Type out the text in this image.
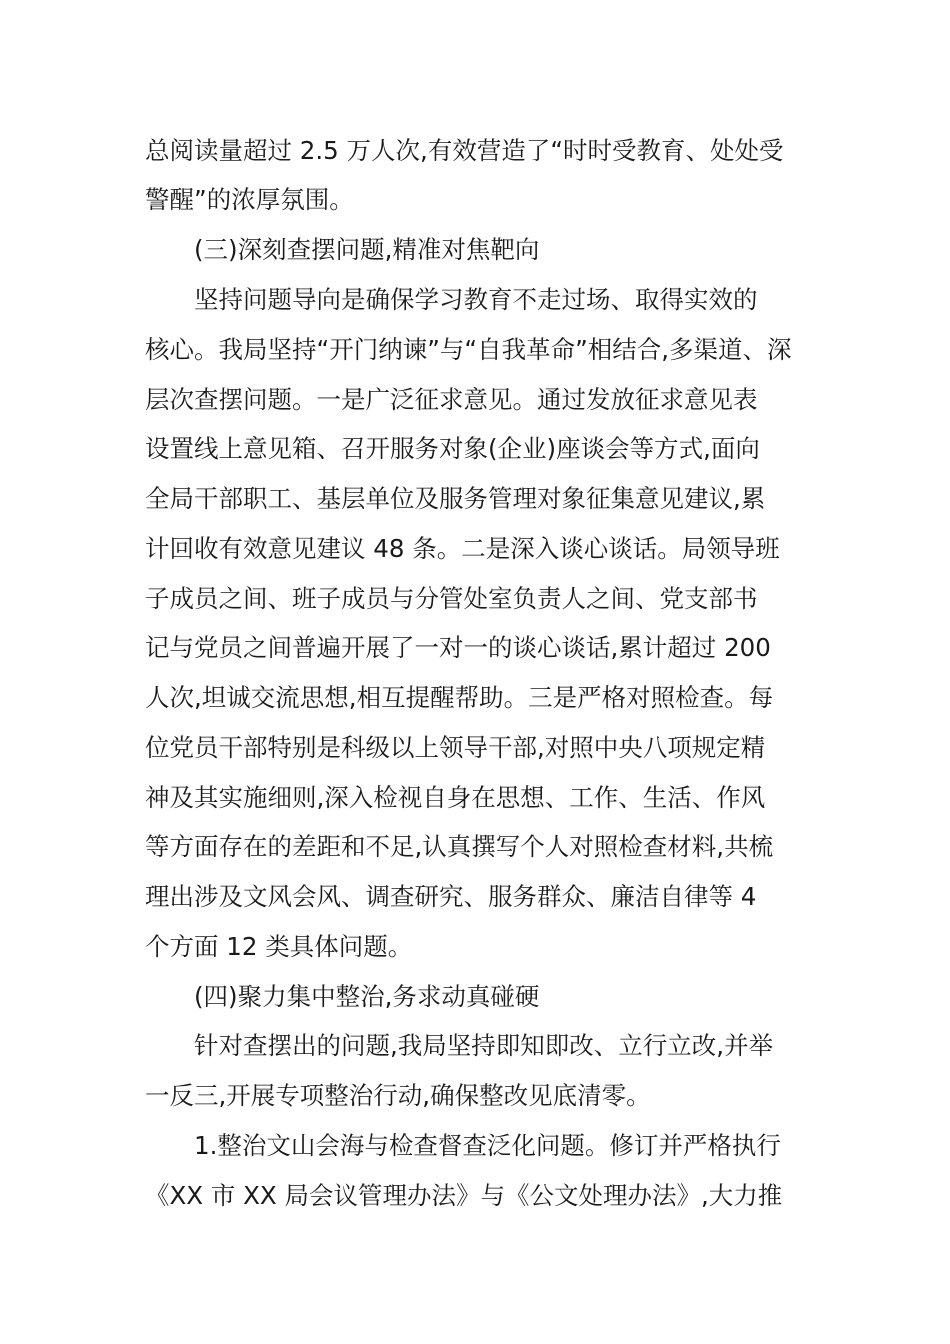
总阅读量超过 2.5 万人次,有效营造了“时时受教育、处处受
警醒”的浓厚氛围。
(三)深刻查摆问题,精准对焦靶向
坚持问题导向是确保学习教育不走过场、取得实效的
核心。我局坚持“开门纳谏”与“自我革命”相结合,多渠道、深
层次查摆问题。一是广泛征求意见。通过发放征求意见表
设置线上意见箱、召开服务对象(企业)座谈会等方式,面向
全局干部职工、基层单位及服务管理对象征集意见建议,累
计回收有效意见建议 48 条。二是深入谈心谈话。局领导班
子成员之间、班子成员与分管处室负责人之间、党支部书
记与党员之间普遍开展了一对一的谈心谈话,累计超过 200
人次,坦诚交流思想,相互提醒帮助。三是严格对照检查。每
位党员干部特别是科级以上领导干部,对照中央八项规定精
神及其实施细则,深入检视自身在思想、工作、生活、作风
等方面存在的差距和不足,认真撰写个人对照检查材料,共梳
理出涉及文风会风、调查研究、服务群众、廉洁自律等 4
个方面 12 类具体问题。
(四)聚力集中整治,务求动真碰硬
针对查摆出的问题,我局坚持即知即改、立行立改,并举
一反三,开展专项整治行动,确保整改见底清零。
1.整治文山会海与检查督查泛化问题。修订并严格执行
《XX 市 XX 局会议管理办法》与《公文处理办法》,大力推
